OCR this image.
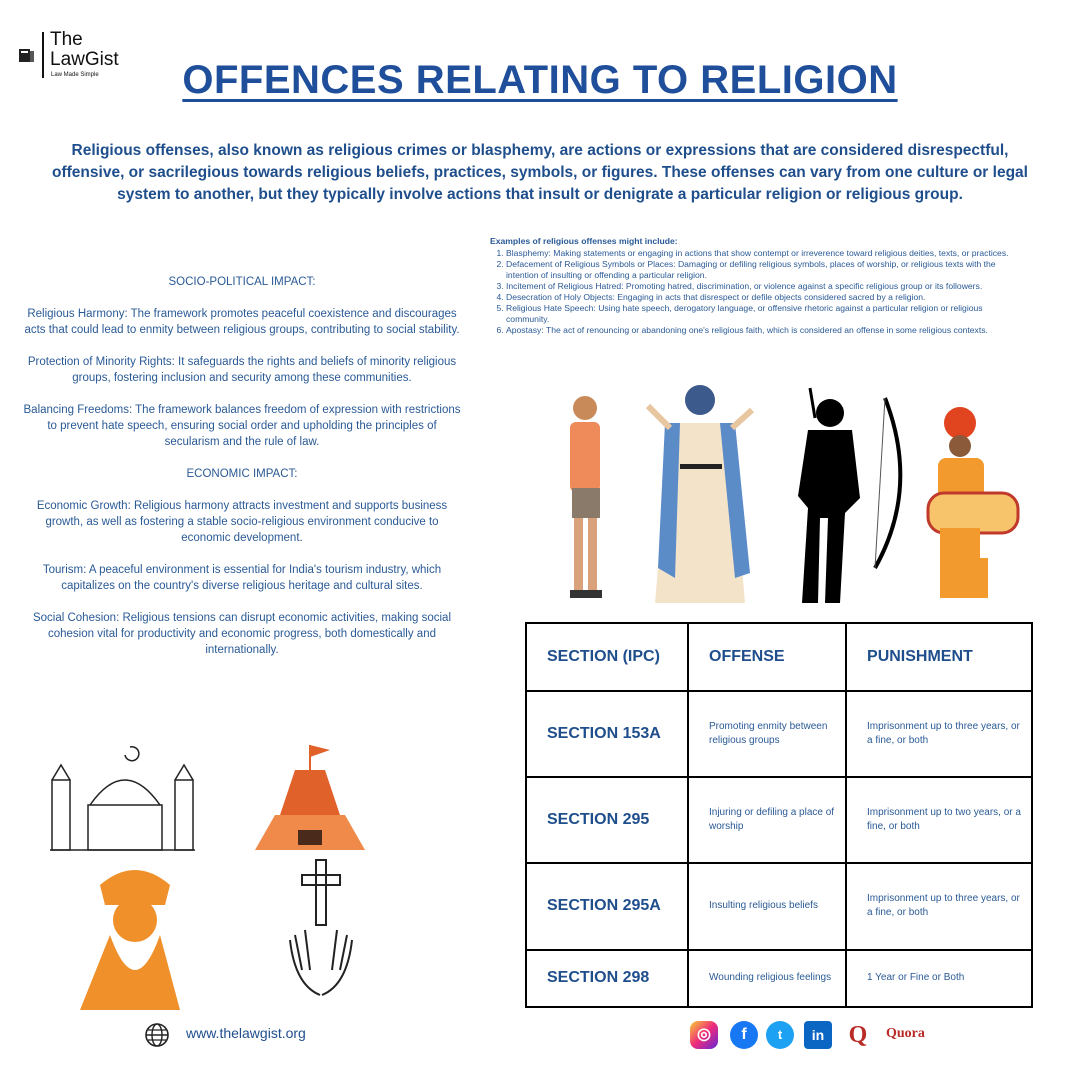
The
LawGist
Law Made Simple	OFFENCES RELATING TO RELIGION
Religious offenses, also known as religious crimes or blasphemy, are actions or expressions that are considered disrespectful, offensive, or sacrilegious towards religious beliefs, practices, symbols, or figures. These offenses can vary from one culture or legal system to another, but they typically involve actions that insult or denigrate a particular religion or religious group.

SOCIO-POLITICAL IMPACT:

Religious Harmony: The framework promotes peaceful coexistence and discourages acts that could lead to enmity between religious groups, contributing to social stability.

Protection of Minority Rights: It safeguards the rights and beliefs of minority religious groups, fostering inclusion and security among these communities.

Balancing Freedoms: The framework balances freedom of expression with restrictions to prevent hate speech, ensuring social order and upholding the principles of secularism and the rule of law.

ECONOMIC IMPACT:

Economic Growth: Religious harmony attracts investment and supports business growth, as well as fostering a stable socio-religious environment conducive to economic development.

Tourism: A peaceful environment is essential for India's tourism industry, which capitalizes on the country's diverse religious heritage and cultural sites.

Social Cohesion: Religious tensions can disrupt economic activities, making social cohesion vital for productivity and economic progress, both domestically and internationally.

Examples of religious offenses might include:
1. Blasphemy: Making statements or engaging in actions that show contempt or irreverence toward religious deities, texts, or practices.
2. Defacement of Religious Symbols or Places: Damaging or defiling religious symbols, places of worship, or religious texts with the intention of insulting or offending a particular religion.
3. Incitement of Religious Hatred: Promoting hatred, discrimination, or violence against a specific religious group or its followers.
4. Desecration of Holy Objects: Engaging in acts that disrespect or defile objects considered sacred by a religion.
5. Religious Hate Speech: Using hate speech, derogatory language, or offensive rhetoric against a particular religion or religious community.
6. Apostasy: The act of renouncing or abandoning one's religious faith, which is considered an offense in some religious contexts.
SECTION (IPC)	OFFENSE	PUNISHMENT
SECTION 153A	Promoting enmity between religious groups	Imprisonment up to three years, or a fine, or both
SECTION 295	Injuring or defiling a place of worship	Imprisonment up to two years, or a fine, or both
SECTION 295A	Insulting religious beliefs	Imprisonment up to three years, or a fine, or both
SECTION 298	Wounding religious feelings	1 Year or Fine or Both
www.thelawgist.org	◎	f	t	in	Q	Quora
